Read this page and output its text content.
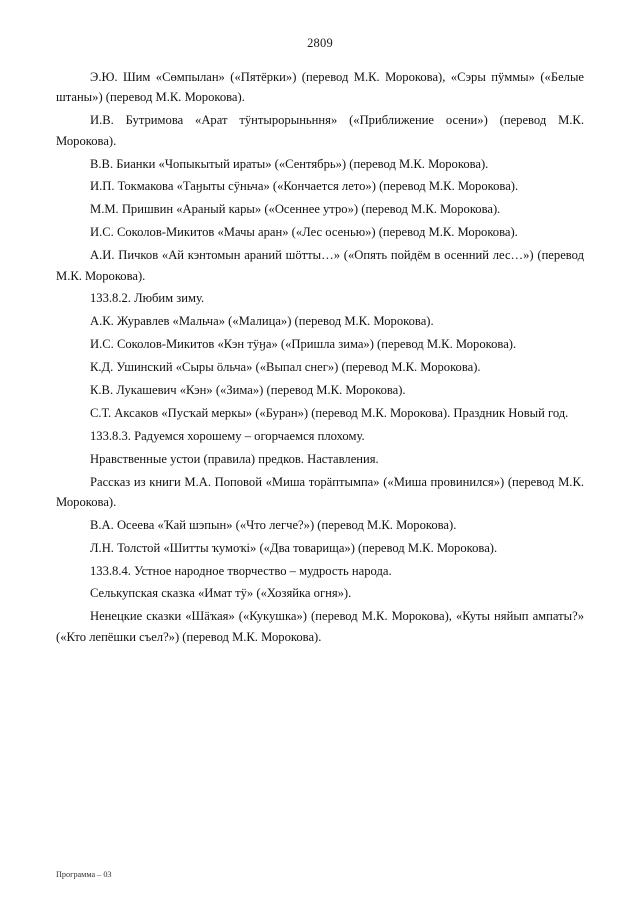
2809

Э.Ю. Шим «Сөмпылан» («Пятёрки») (перевод М.К. Морокова), «Сэры пӱммы» («Белые штаны») (перевод М.К. Морокова).

И.В. Бутримова «Арат тӱнтырорыньння» («Приближение осени») (перевод М.К. Морокова).

В.В. Бианки «Чопыкытый ираты» («Сентябрь») (перевод М.К. Морокова).

И.П. Токмакова «Таӈыты сӱньча» («Кончается лето») (перевод М.К. Морокова).

М.М. Пришвин «Араный кары» («Осеннее утро») (перевод М.К. Морокова).

И.С. Соколов-Микитов «Мачы аран» («Лес осенью») (перевод М.К. Морокова).

А.И. Пичков «Ай кэнтомын араний шӧтты…» («Опять пойдём в осенний лес…») (перевод М.К. Морокова).

133.8.2. Любим зиму.

А.К. Журавлев «Мальча» («Малица») (перевод М.К. Морокова).

И.С. Соколов-Микитов «Кэн тӱӈа» («Пришла зима») (перевод М.К. Морокова).

К.Д. Ушинский «Сыры ӧльча» («Выпал снег») (перевод М.К. Морокова).

К.В. Лукашевич «Кэн» («Зима») (перевод М.К. Морокова).

С.Т. Аксаков «Пусҡай меркы» («Буран») (перевод М.К. Морокова). Праздник Новый год.

133.8.3. Радуемся хорошему – огорчаемся плохому.

Нравственные устои (правила) предков. Наставления.

Рассказ из книги М.А. Поповой «Миша торӓптымпа» («Миша провинился») (перевод М.К. Морокова).

В.А. Осеева «Ҡай шэпын» («Что легче?») (перевод М.К. Морокова).

Л.Н. Толстой «Шитты ҡумоҡі» («Два товарища») (перевод М.К. Морокова).

133.8.4. Устное народное творчество – мудрость народа.

Селькупская сказка «Имат тӱ» («Хозяйка огня»).

Ненецкие сказки «Шӓҡая» («Кукушка») (перевод М.К. Морокова), «Куты няйып ампаты?» («Кто лепёшки съел?») (перевод М.К. Морокова).

Программа – 03
